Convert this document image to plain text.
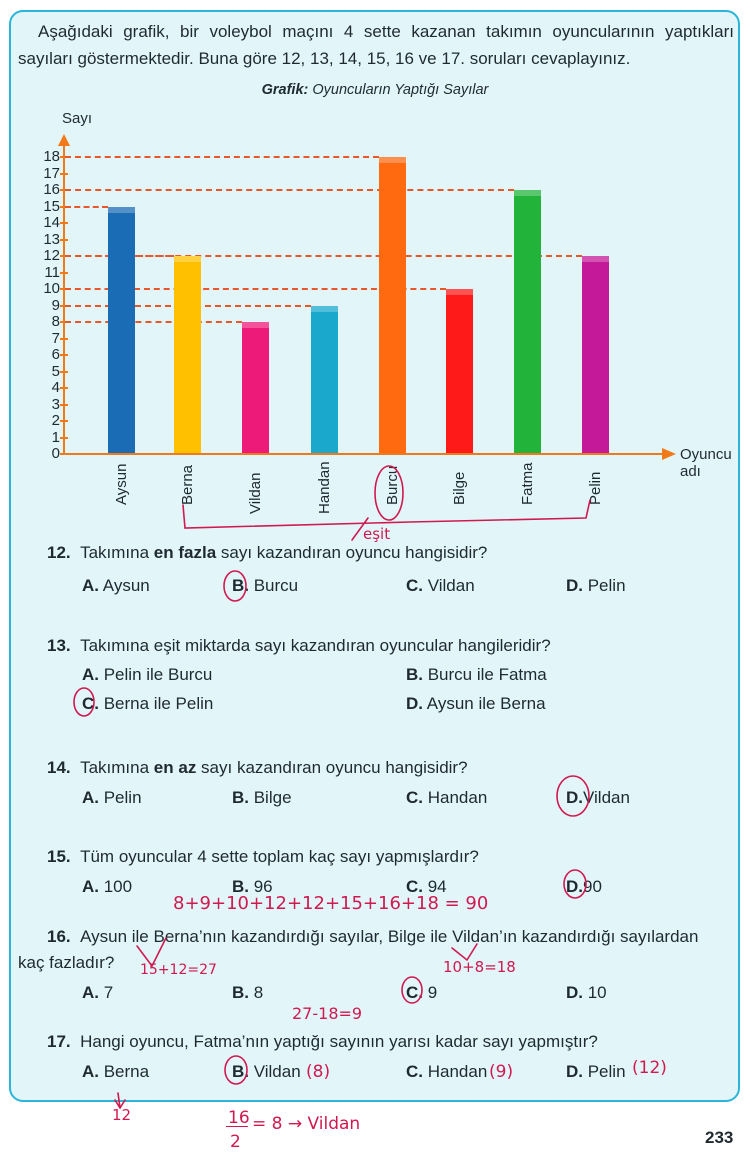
Aşağıdaki grafik, bir voleybol maçını 4 sette kazanan takımın oyuncularının yaptıkları sayıları göstermektedir. Buna göre 12, 13, 14, 15, 16 ve 17. soruları cevaplayınız.

Grafik: Oyuncuların Yaptığı Sayılar
Sayı
0
1
2
3
4
5
6
7
8
9
10
11
12
13
14
15
16
17
18
Aysun	Berna	Vildan	Handan	Burcu	Bilge	Fatma	Pelin
Oyuncu adı
12. Takımına en fazla sayı kazandıran oyuncu hangisidir?
A. Aysun	B. Burcu	C. Vildan	D. Pelin
13. Takımına eşit miktarda sayı kazandıran oyuncular hangileridir?
A. Pelin ile Burcu	B. Burcu ile Fatma
C. Berna ile Pelin	D. Aysun ile Berna
14. Takımına en az sayı kazandıran oyuncu hangisidir?
A. Pelin	B. Bilge	C. Handan	D.Vildan
15. Tüm oyuncular 4 sette toplam kaç sayı yapmışlardır?
A. 100	B. 96	C. 94	D.90
16. Aysun ile Berna’nın kazandırdığı sayılar, Bilge ile Vildan’ın kazandırdığı sayılardan
kaç fazladır?
A. 7	B. 8	C. 9	D. 10
17. Hangi oyuncu, Fatma’nın yaptığı sayının yarısı kadar sayı yapmıştır?
A. Berna	B. Vildan	C. Handan	D. Pelin
eşit
8+9+10+12+12+15+16+18 = 90
15+12=27	10+8=18
27-18=9
(8)	(9)	(12)
12	16
2
= 8 → Vildan
233
